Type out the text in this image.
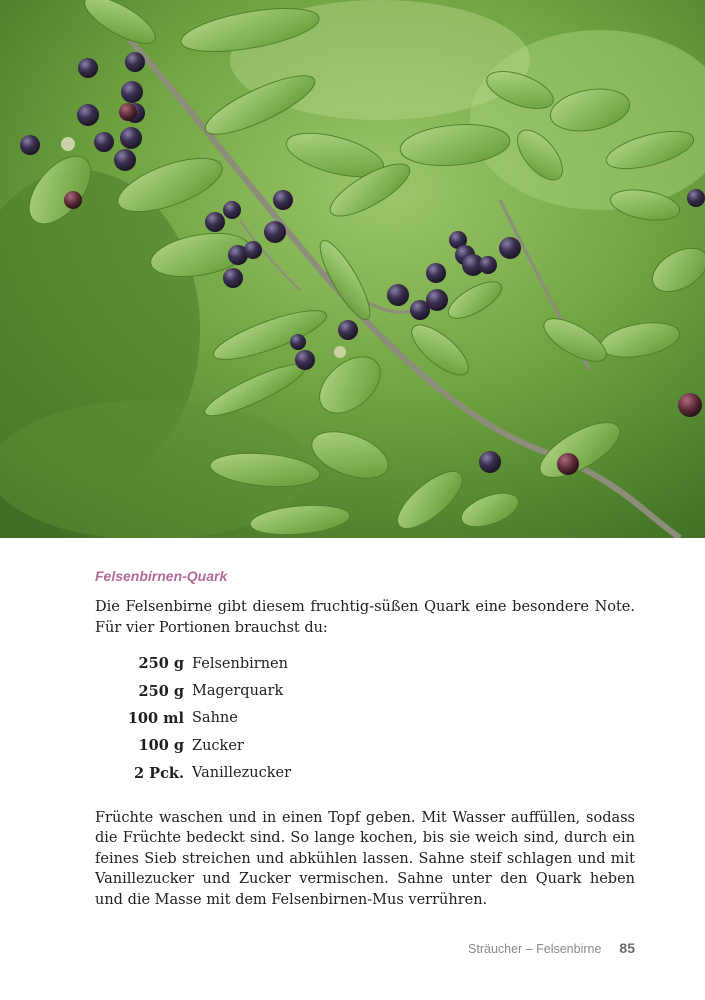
Felsenbirnen-Quark
Die Felsenbirne gibt diesem fruchtig-süßen Quark eine besondere Note. Für vier Portionen brauchst du:
250 g Felsenbirnen
250 g Magerquark
100 ml Sahne
100 g Zucker
2 Pck. Vanillezucker

Früchte waschen und in einen Topf geben. Mit Wasser auffüllen, sodass die Früchte bedeckt sind. So lange kochen, bis sie weich sind, durch ein feines Sieb streichen und abkühlen lassen. Sahne steif schlagen und mit Vanillezucker und Zucker vermischen. Sahne unter den Quark heben und die Masse mit dem Felsenbirnen-Mus verrühren.

Sträucher – Felsenbirne 85
